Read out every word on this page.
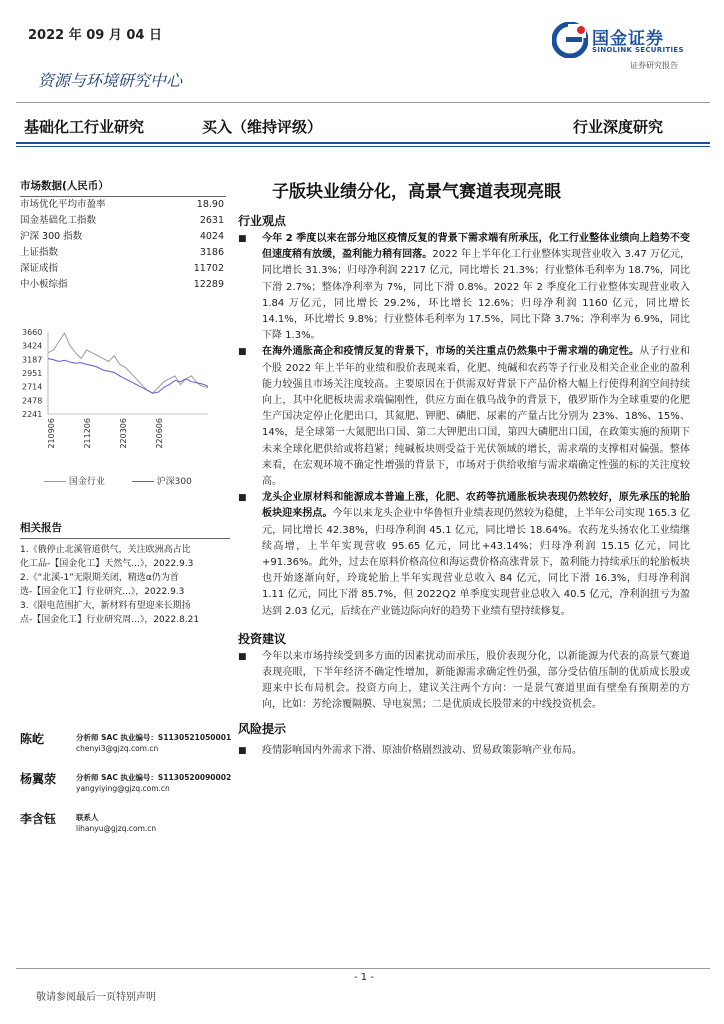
2022 年 09 月 04 日	国金证券
SINOLINK SECURITIES
证券研究报告
资源与环境研究中心
基础化工行业研究	买入（维持评级）	行业深度研究
市场数据(人民币）
市场优化平均市盈率	18.90
国金基础化工指数	2631
沪深 300 指数	4024
上证指数	3186
深证成指	11702
中小板综指	12289
3660
3424
3187
2951
2714
2478
2241
210906	211206	220306	220606
国金行业	沪深300
相关报告
1.《俄停止北溪管道供气，关注欧洲高占比
化工品-【国金化工】天然气...》，2022.9.3
2.《“北溪-1”无限期关闭，精选α仍为首
选-【国金化工】行业研究...》，2022.9.3
3.《限电范围扩大，新材料有望迎来长期扬
点-【国金化工】行业研究周...》，2022.8.21
陈屹	分析师 SAC 执业编号：S1130521050001
chenyi3@gjzq.com.cn
杨翼荥	分析师 SAC 执业编号：S1130520090002
yangyiying@gjzq.com.cn
李含钰	联系人
lihanyu@gjzq.com.cn
子版块业绩分化，高景气赛道表现亮眼
行业观点
■	今年 2 季度以来在部分地区疫情反复的背景下需求端有所承压，化工行业整体业绩向上趋势不变但速度稍有放缓，盈利能力稍有回落。2022 年上半年化工行业整体实现营业收入 3.47 万亿元，同比增长 31.3%；归母净利润 2217 亿元，同比增长 21.3%；行业整体毛利率为 18.7%，同比下滑 2.7%；整体净利率为 7%，同比下滑 0.8%。2022 年 2 季度化工行业整体实现营业收入 1.84 万亿元，同比增长 29.2%，环比增长 12.6%；归母净利润 1160 亿元，同比增长 14.1%，环比增长 9.8%；行业整体毛利率为 17.5%，同比下降 3.7%；净利率为 6.9%，同比下降 1.3%。
■	在海外通胀高企和疫情反复的背景下，市场的关注重点仍然集中于需求端的确定性。从子行业和个股 2022 年上半年的业绩和股价表现来看，化肥、纯碱和农药等子行业及相关企业企业的盈利能力较强且市场关注度较高。主要原因在于供需双好背景下产品价格大幅上行使得利润空间持续向上，其中化肥板块需求端偏刚性，供应方面在俄乌战争的背景下，俄罗斯作为全球重要的化肥生产国决定停止化肥出口，其氮肥、钾肥、磷肥、尿素的产量占比分别为 23%、18%、15%、14%，是全球第一大氮肥出口国、第二大钾肥出口国，第四大磷肥出口国，在政策实施的预期下未来全球化肥供给或将趋紧；纯碱板块则受益于光伏领域的增长，需求端的支撑相对偏强。整体来看，在宏观环境不确定性增强的背景下，市场对于供给收缩与需求端确定性强的标的关注度较高。
■	龙头企业原材料和能源成本普遍上涨，化肥、农药等抗通胀板块表现仍然较好，原先承压的轮胎板块迎来拐点。今年以来龙头企业中华鲁恒升业绩表现仍然较为稳健，上半年公司实现 165.3 亿元，同比增长 42.38%，归母净利润 45.1 亿元，同比增长 18.64%。农药龙头扬农化工业绩继续高增，上半年实现营收 95.65 亿元，同比+43.14%；归母净利润 15.15 亿元，同比+91.36%。此外，过去在原料价格高位和海运费价格高涨背景下，盈利能力持续承压的轮胎板块也开始逐渐向好，玲珑轮胎上半年实现营业总收入 84 亿元，同比下滑 16.3%，归母净利润 1.11 亿元，同比下滑 85.7%，但 2022Q2 单季度实现营业总收入 40.5 亿元，净利润扭亏为盈达到 2.03 亿元，后续在产业链边际向好的趋势下业绩有望持续修复。
投资建议
■	今年以来市场持续受到多方面的因素扰动而承压，股价表现分化，以新能源为代表的高景气赛道表现亮眼，下半年经济不确定性增加，新能源需求确定性仍强，部分受估值压制的优质成长股或迎来中长布局机会。投资方向上，建议关注两个方向：一是景气赛道里面有壁垒有预期差的方向，比如：芳纶涂覆隔膜、导电炭黑；二是优质成长股带来的中线投资机会。
风险提示
■	疫情影响国内外需求下滑、原油价格剧烈波动、贸易政策影响产业布局。
- 1 -
敬请参阅最后一页特别声明
